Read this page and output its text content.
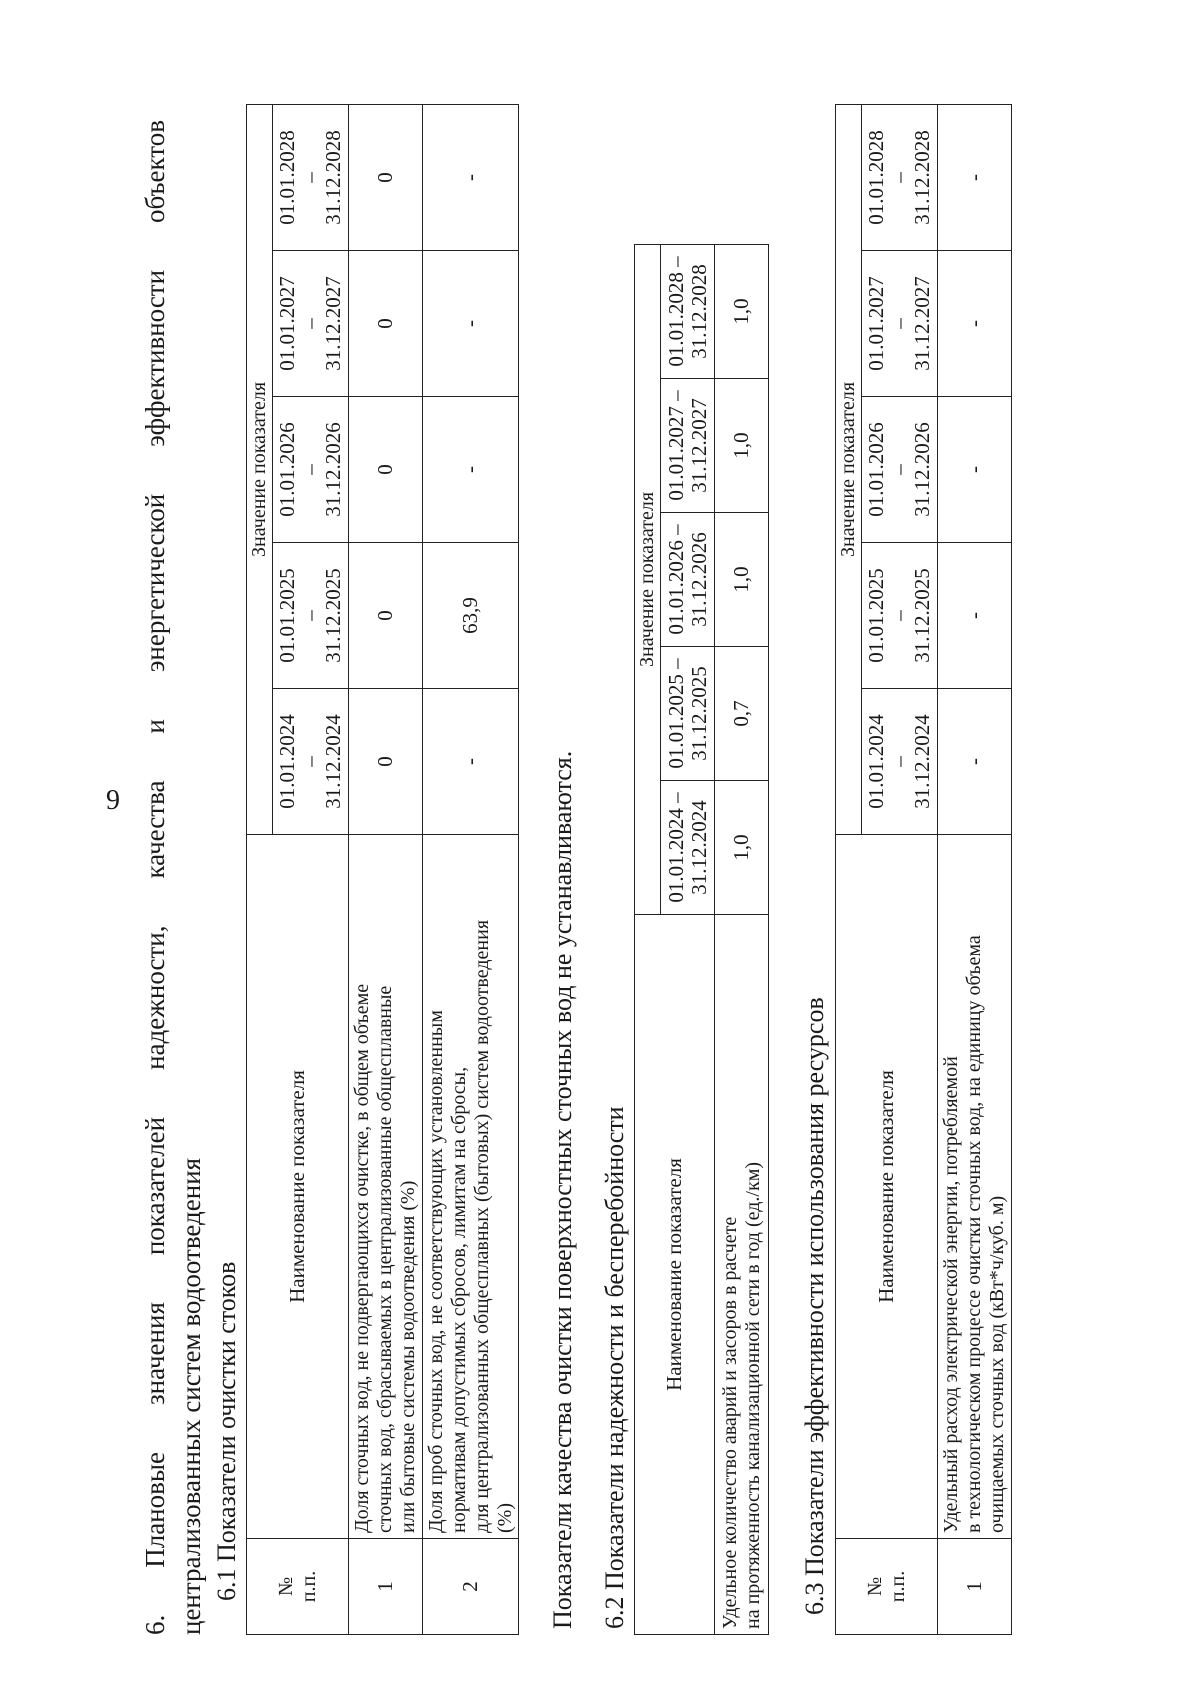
9 6. Плановые значения показателей надежности, качества и энергетической эффективности объектов централизованных систем водоотведения 6.1 Показатели очистки стоков №
п.п.	Наименование показателя	Значение показателя				
		01.01.2024
–
31.12.2024	01.01.2025
–
31.12.2025	01.01.2026
–
31.12.2026	01.01.2027
–
31.12.2027	01.01.2028
–
31.12.2028
1	Доля сточных вод, не подвергающихся очистке, в общем объеме
сточных вод, сбрасываемых в централизованные общесплавные
или бытовые системы водоотведения (%)	0	0	0	0	0
2	Доля проб сточных вод, не соответствующих установленным
нормативам допустимых сбросов, лимитам на сбросы,
для централизованных общесплавных (бытовых) систем водоотведения
(%)	-	63,9	-	-	-
Показатели качества очистки поверхностных сточных вод не устанавливаются. 6.2 Показатели надежности и бесперебойности Наименование показателя	Значение показателя				
	01.01.2024 –
31.12.2024	01.01.2025 –
31.12.2025	01.01.2026 –
31.12.2026	01.01.2027 –
31.12.2027	01.01.2028 –
31.12.2028
Удельное количество аварий и засоров в расчете
на протяженность канализационной сети в год (ед./км)	1,0	0,7	1,0	1,0	1,0
6.3 Показатели эффективности использования ресурсов №
п.п.	Наименование показателя	Значение показателя				
		01.01.2024
–
31.12.2024	01.01.2025
–
31.12.2025	01.01.2026
–
31.12.2026	01.01.2027
–
31.12.2027	01.01.2028
–
31.12.2028
1	Удельный расход электрической энергии, потребляемой
в технологическом процессе очистки сточных вод, на единицу объема
очищаемых сточных вод (кВт*ч/куб. м)	-	-	-	-	-
